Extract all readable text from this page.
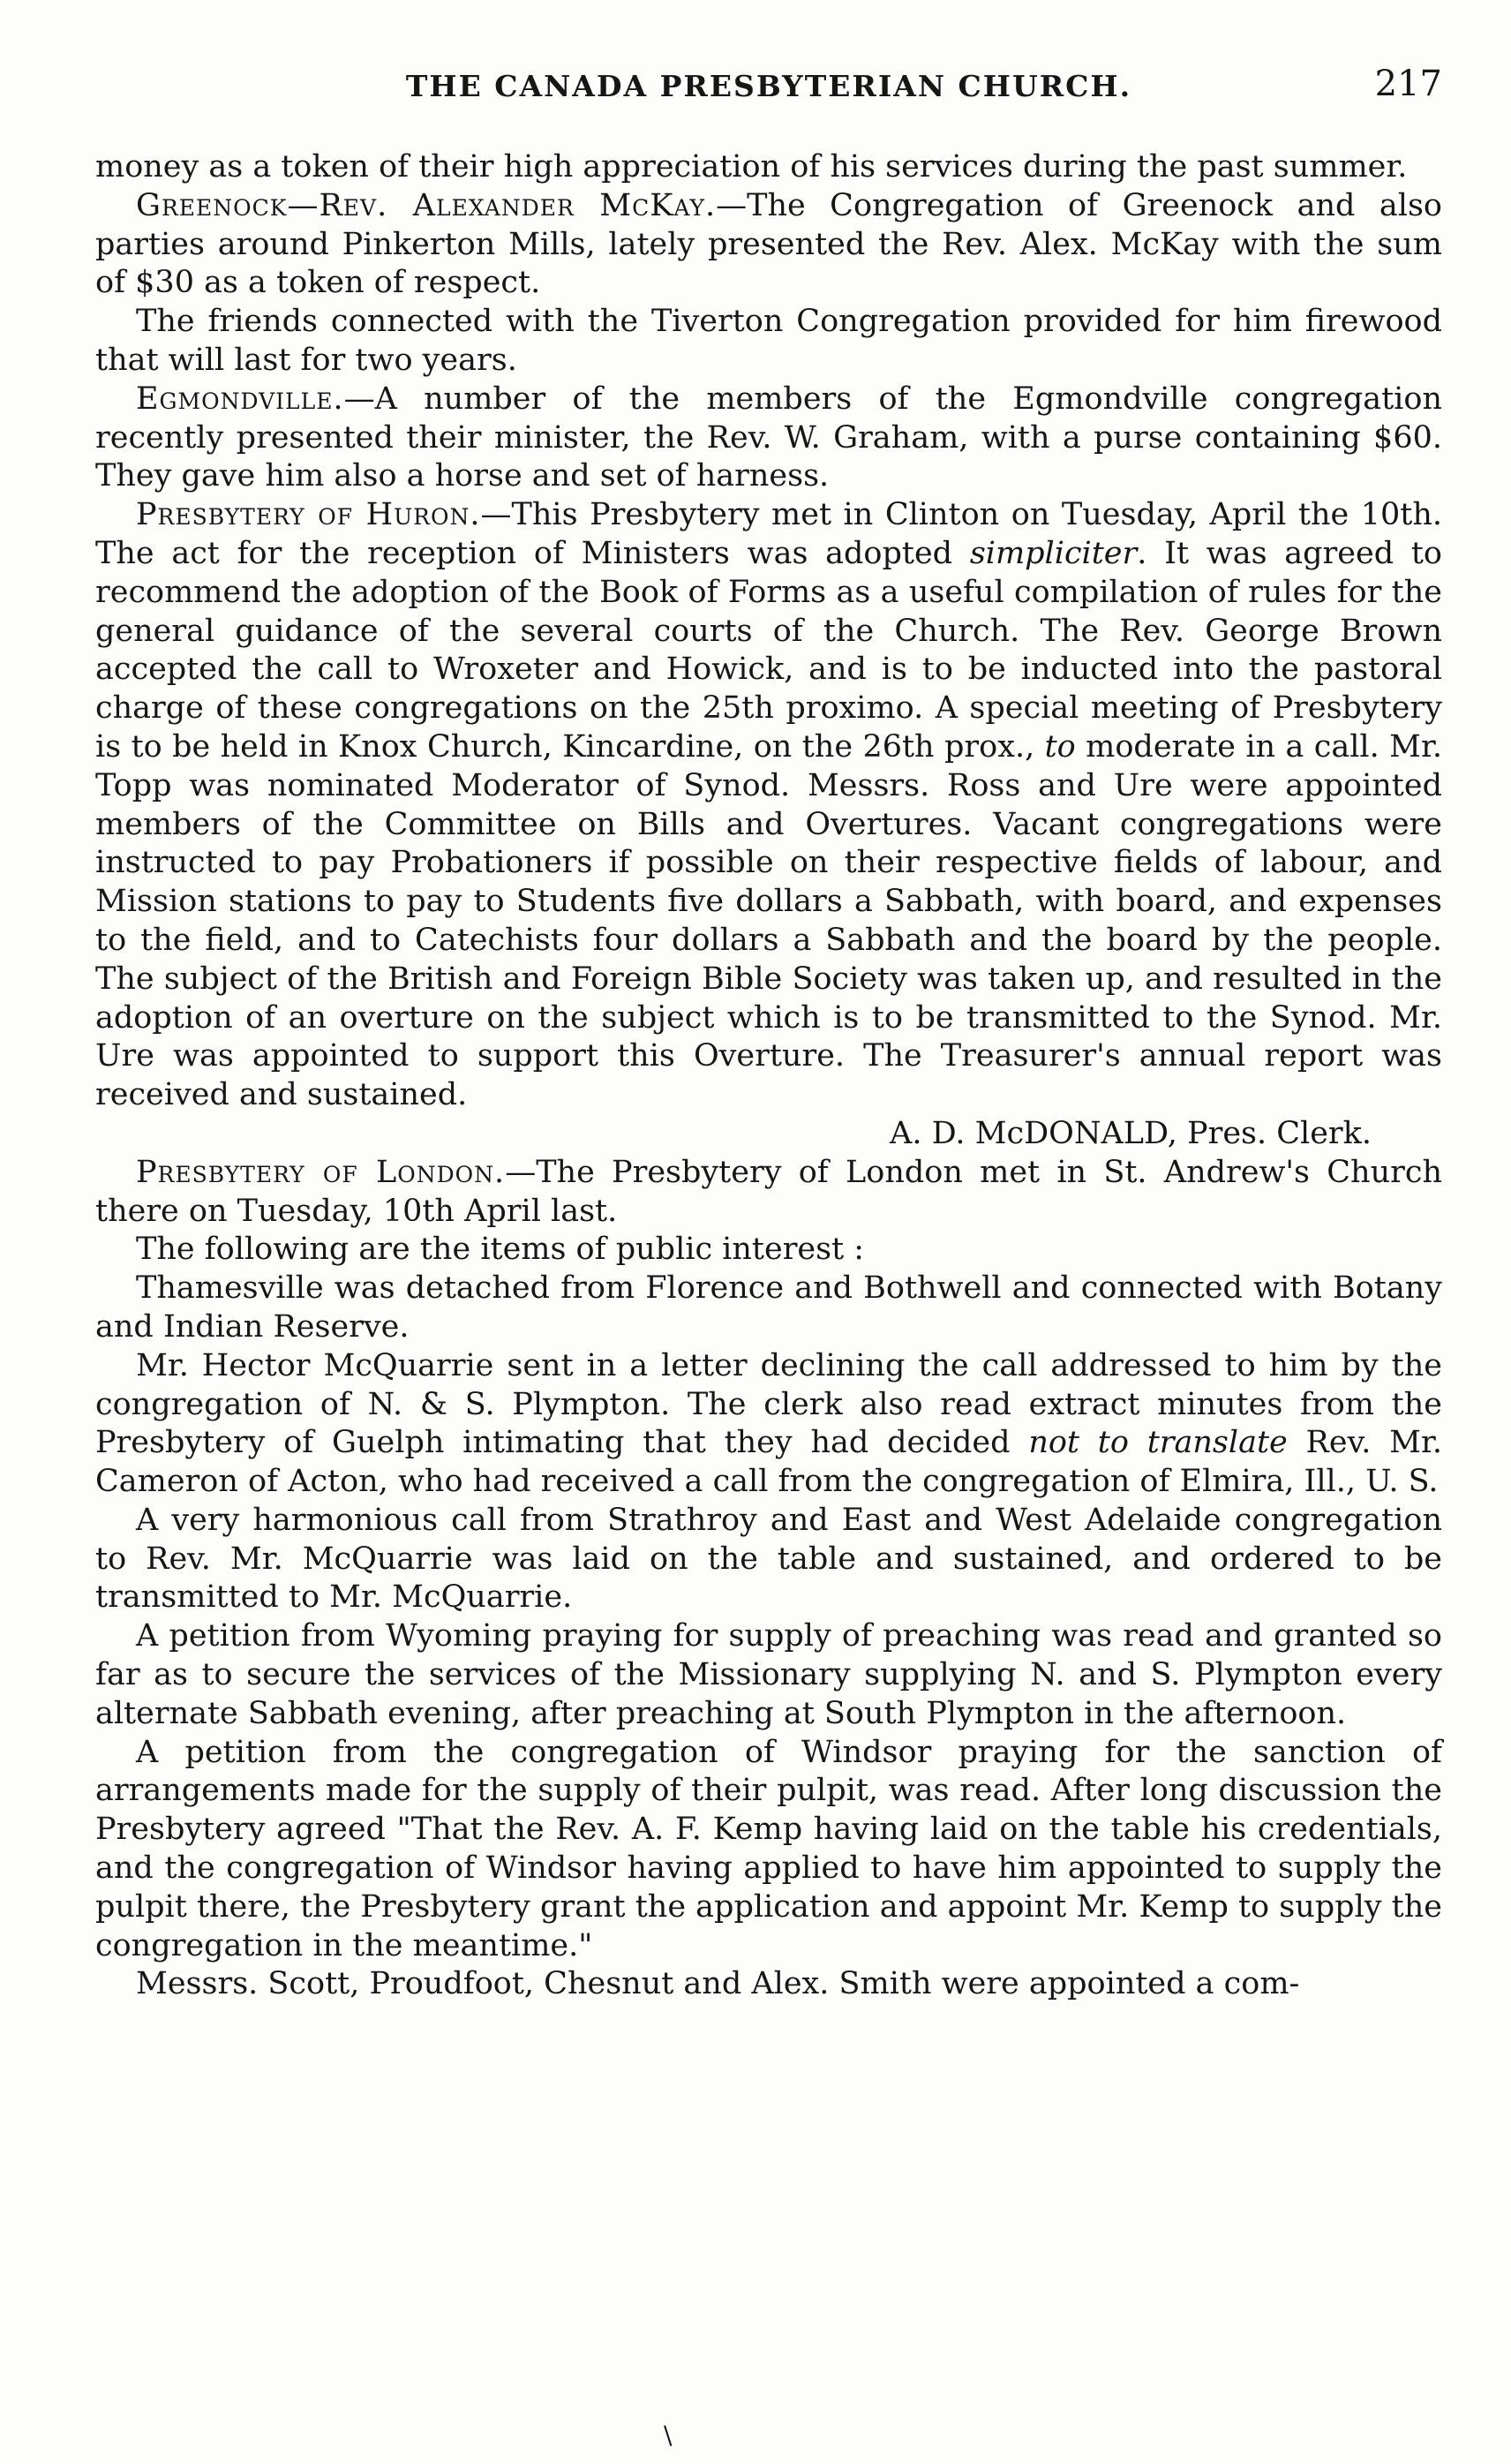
THE CANADA PRESBYTERIAN CHURCH.	217

money as a token of their high appreciation of his services during the past summer.

Greenock—Rev. Alexander McKay.—The Congregation of Greenock and also parties around Pinkerton Mills, lately presented the Rev. Alex. McKay with the sum of $30 as a token of respect.

The friends connected with the Tiverton Congregation provided for him firewood that will last for two years.

Egmondville.—A number of the members of the Egmondville congregation recently presented their minister, the Rev. W. Graham, with a purse containing $60. They gave him also a horse and set of harness.

Presbytery of Huron.—This Presbytery met in Clinton on Tuesday, April the 10th. The act for the reception of Ministers was adopted simpliciter. It was agreed to recommend the adoption of the Book of Forms as a useful compilation of rules for the general guidance of the several courts of the Church. The Rev. George Brown accepted the call to Wroxeter and Howick, and is to be inducted into the pastoral charge of these congregations on the 25th proximo. A special meeting of Presbytery is to be held in Knox Church, Kincardine, on the 26th prox., to moderate in a call. Mr. Topp was nominated Moderator of Synod. Messrs. Ross and Ure were appointed members of the Committee on Bills and Overtures. Vacant congregations were instructed to pay Probationers if possible on their respective fields of labour, and Mission stations to pay to Students five dollars a Sabbath, with board, and expenses to the field, and to Catechists four dollars a Sabbath and the board by the people. The subject of the British and Foreign Bible Society was taken up, and resulted in the adoption of an overture on the subject which is to be transmitted to the Synod. Mr. Ure was appointed to support this Overture. The Treasurer's annual report was received and sustained.

A. D. McDONALD, Pres. Clerk.

Presbytery of London.—The Presbytery of London met in St. Andrew's Church there on Tuesday, 10th April last.

The following are the items of public interest :

Thamesville was detached from Florence and Bothwell and connected with Botany and Indian Reserve.

Mr. Hector McQuarrie sent in a letter declining the call addressed to him by the congregation of N. & S. Plympton. The clerk also read extract minutes from the Presbytery of Guelph intimating that they had decided not to translate Rev. Mr. Cameron of Acton, who had received a call from the congregation of Elmira, Ill., U. S.

A very harmonious call from Strathroy and East and West Adelaide congregation to Rev. Mr. McQuarrie was laid on the table and sustained, and ordered to be transmitted to Mr. McQuarrie.

A petition from Wyoming praying for supply of preaching was read and granted so far as to secure the services of the Missionary supplying N. and S. Plympton every alternate Sabbath evening, after preaching at South Plympton in the afternoon.

A petition from the congregation of Windsor praying for the sanction of arrangements made for the supply of their pulpit, was read. After long discussion the Presbytery agreed "That the Rev. A. F. Kemp having laid on the table his credentials, and the congregation of Windsor having applied to have him appointed to supply the pulpit there, the Presbytery grant the application and appoint Mr. Kemp to supply the congregation in the meantime."

Messrs. Scott, Proudfoot, Chesnut and Alex. Smith were appointed a com-

\
